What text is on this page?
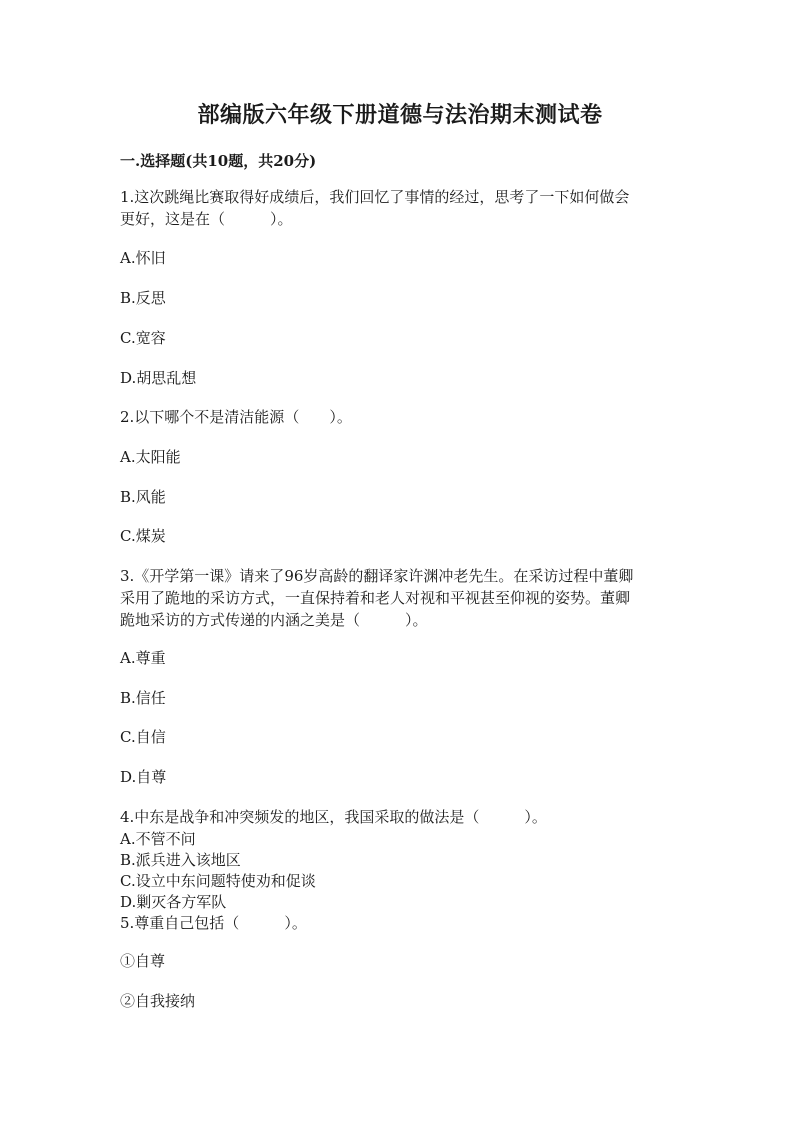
部编版六年级下册道德与法治期末测试卷
一.选择题(共10题，共20分)
1.这次跳绳比赛取得好成绩后，我们回忆了事情的经过，思考了一下如何做会
更好，这是在（　　　）。
A.怀旧
B.反思
C.宽容
D.胡思乱想
2.以下哪个不是清洁能源（　　）。
A.太阳能
B.风能
C.煤炭
3.《开学第一课》请来了96岁高龄的翻译家许渊冲老先生。在采访过程中董卿
采用了跪地的采访方式，一直保持着和老人对视和平视甚至仰视的姿势。董卿
跪地采访的方式传递的内涵之美是（　　　）。
A.尊重
B.信任
C.自信
D.自尊
4.中东是战争和冲突频发的地区，我国采取的做法是（　　　）。
A.不管不问
B.派兵进入该地区
C.设立中东问题特使劝和促谈
D.剿灭各方军队
5.尊重自己包括（　　　）。
①自尊
②自我接纳
